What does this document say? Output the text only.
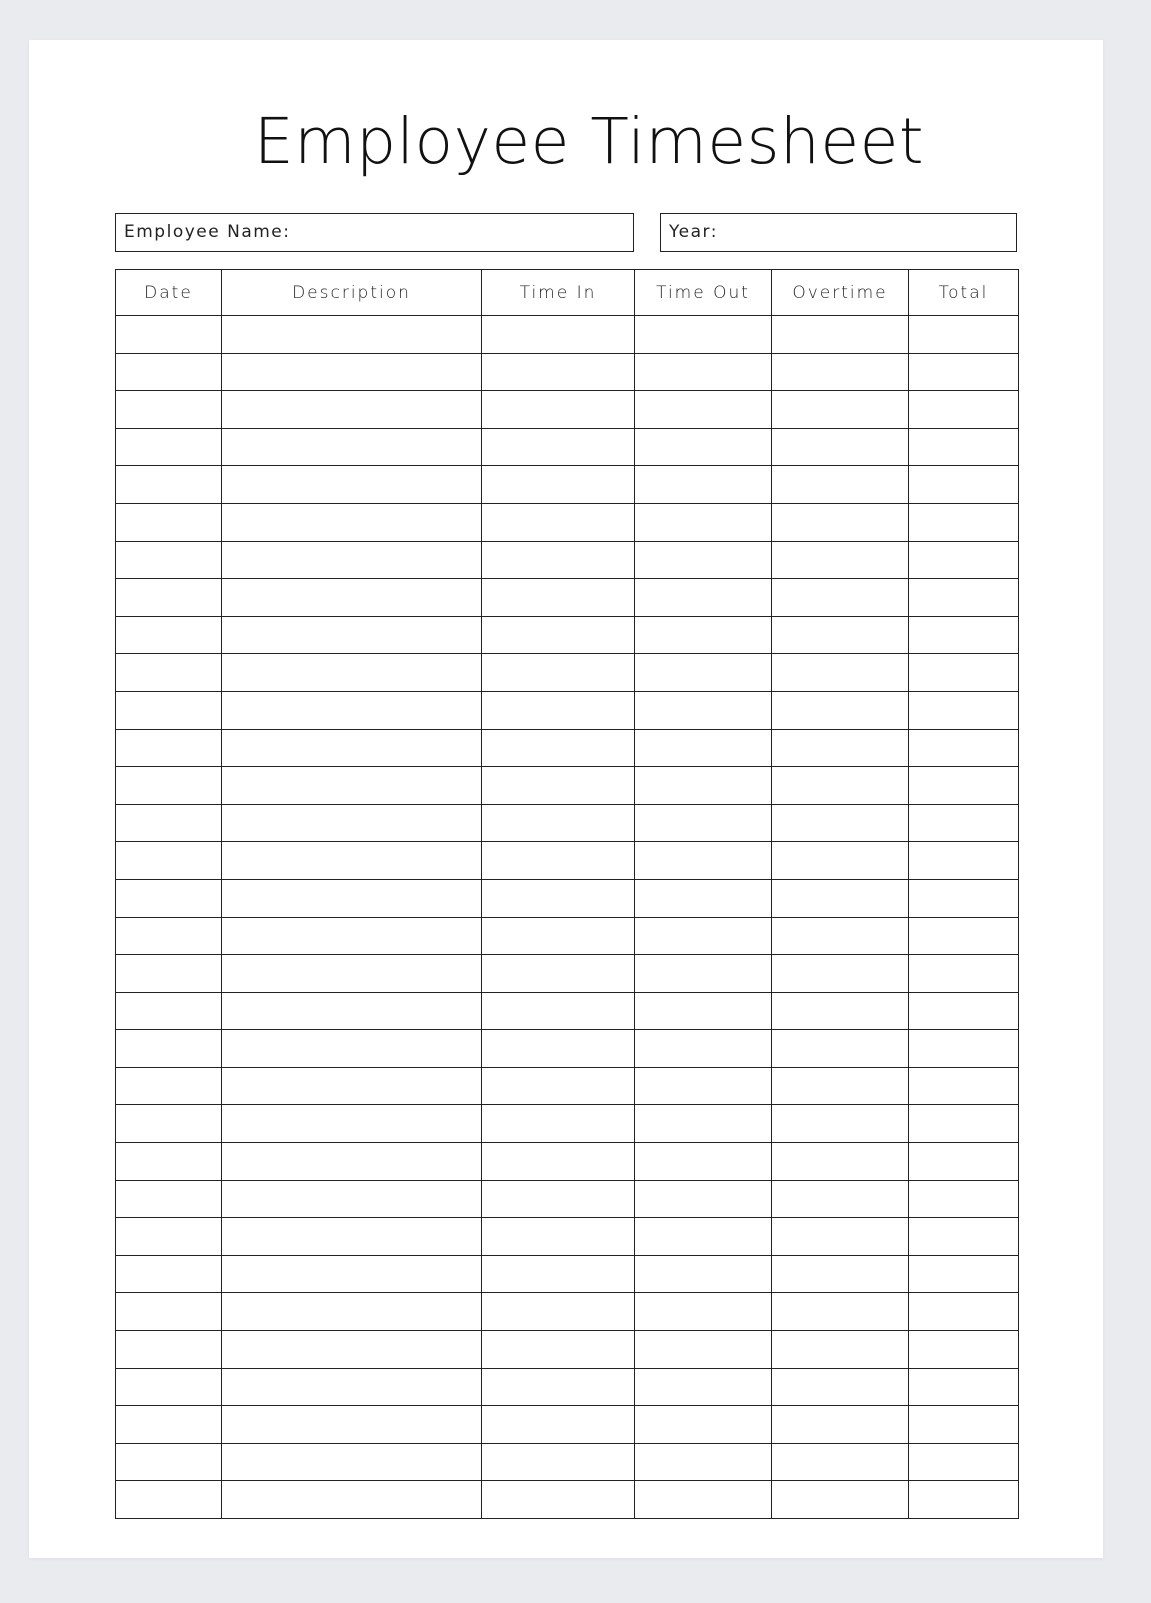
Employee Timesheet
Employee Name:	Year:
Date	Description	Time In	Time Out	Overtime	Total
